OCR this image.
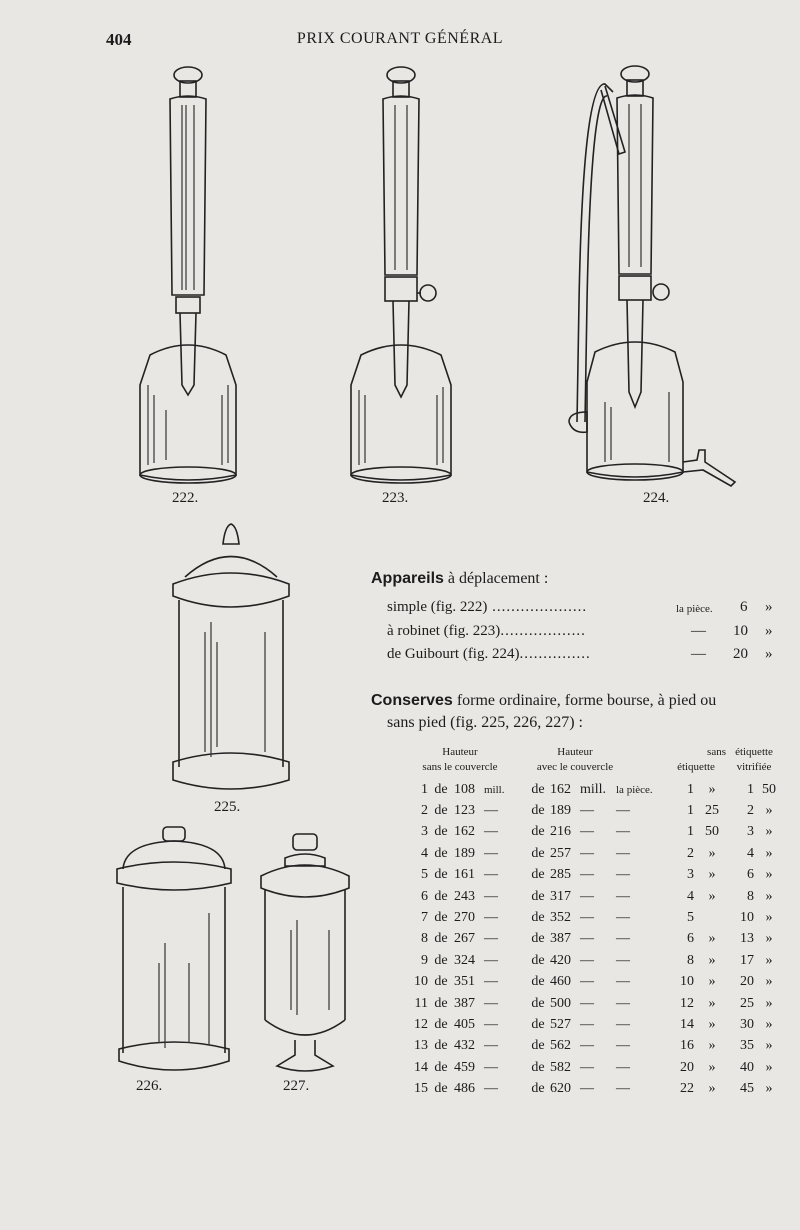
404	PRIX COURANT GÉNÉRAL
222.	223.	224.
225.
226.	227.
Appareils à déplacement :
simple (fig. 222) ....................	la pièce. 6 »
à robinet (fig. 223)..................	— 10 »
de Guibourt (fig. 224)...............	— 20 »
Conserves forme ordinaire, forme bourse, à pied ou
sans pied (fig. 225, 226, 227) :
Hauteur
sans le couvercle
Hauteur
avec le couvercle
sans
étiquette
étiquette
vitrifiée
1	de	108	mill.	de	162	mill.	la pièce.	1	»	1	50
2	de	123	—	de	189	—	—	1	25	2	»
3	de	162	—	de	216	—	—	1	50	3	»
4	de	189	—	de	257	—	—	2	»	4	»
5	de	161	—	de	285	—	—	3	»	6	»
6	de	243	—	de	317	—	—	4	»	8	»
7	de	270	—	de	352	—	—	5		10	»
8	de	267	—	de	387	—	—	6	»	13	»
9	de	324	—	de	420	—	—	8	»	17	»
10	de	351	—	de	460	—	—	10	»	20	»
11	de	387	—	de	500	—	—	12	»	25	»
12	de	405	—	de	527	—	—	14	»	30	»
13	de	432	—	de	562	—	—	16	»	35	»
14	de	459	—	de	582	—	—	20	»	40	»
15	de	486	—	de	620	—	—	22	»	45	»
